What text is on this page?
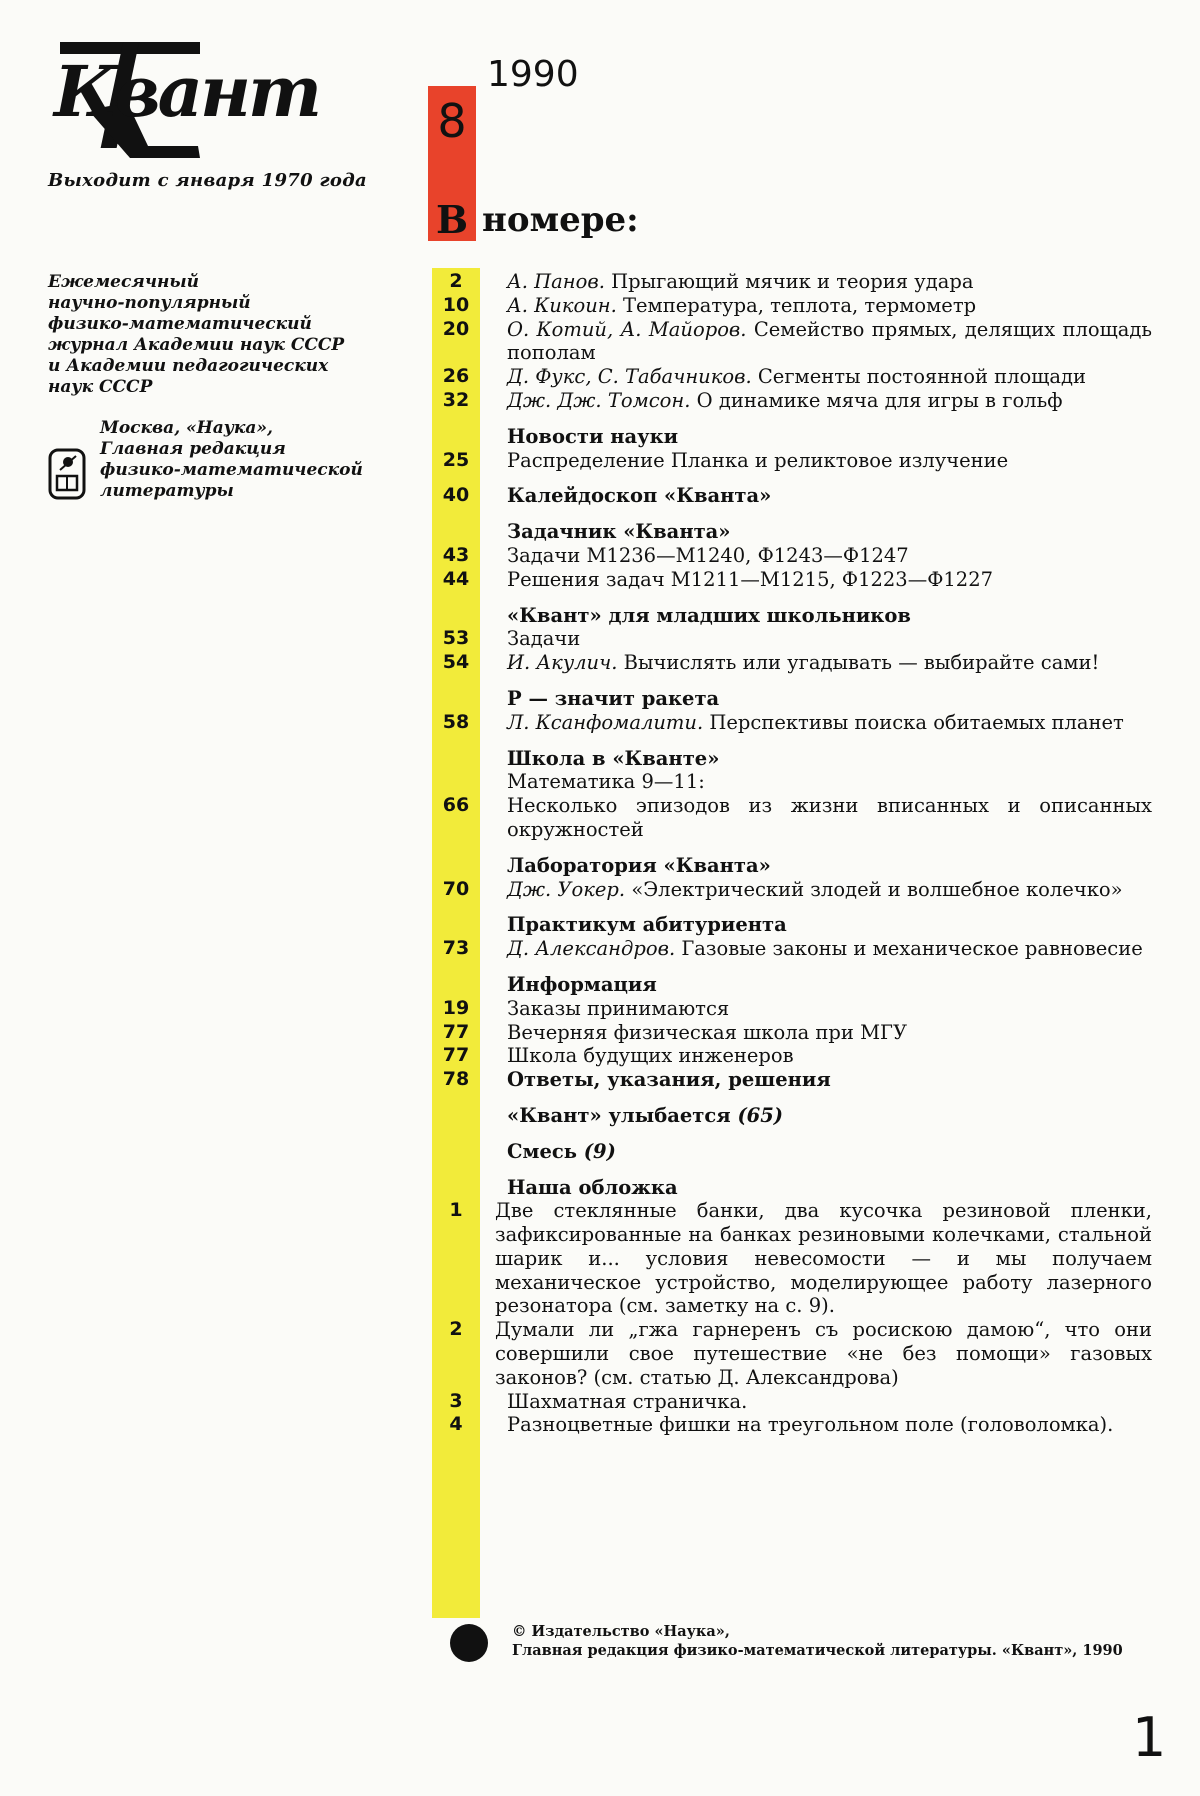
Квант
Выходит с января 1970 года
Ежемесячный
научно-популярный
физико-математический
журнал Академии наук СССР
и Академии педагогических
наук СССР
Москва, «Наука»,
Главная редакция
физико-математической
литературы
8
1990
В номере:
2	А. Панов. Прыгающий мячик и теория удара
10	А. Кикоин. Температура, теплота, термометр
20	О. Котий, А. Майоров. Семейство прямых, делящих площадь пополам
26	Д. Фукс, С. Табачников. Сегменты постоянной площади
32	Дж. Дж. Томсон. О динамике мяча для игры в гольф
Новости науки
25	Распределение Планка и реликтовое излучение
40	Калейдоскоп «Кванта»
Задачник «Кванта»
43	Задачи М1236—М1240, Ф1243—Ф1247
44	Решения задач М1211—М1215, Ф1223—Ф1227
«Квант» для младших школьников
53	Задачи
54	И. Акулич. Вычислять или угадывать — выбирайте сами!
Р — значит ракета
58	Л. Ксанфомалити. Перспективы поиска обитаемых планет
Школа в «Кванте»
Математика 9—11:
66	Несколько эпизодов из жизни вписанных и описанных окружностей
Лаборатория «Кванта»
70	Дж. Уокер. «Электрический злодей и волшебное колечко»
Практикум абитуриента
73	Д. Александров. Газовые законы и механическое равновесие
Информация
19	Заказы принимаются
77	Вечерняя физическая школа при МГУ
77	Школа будущих инженеров
78	Ответы, указания, решения
«Квант» улыбается (65)
Смесь (9)
Наша обложка
1	Две стеклянные банки, два кусочка резиновой пленки, зафиксированные на банках резиновыми колечками, стальной шарик и... условия невесомости — и мы получаем механическое устройство, моделирующее работу лазерного резонатора (см. заметку на с. 9).
2	Думали ли „гжа гарнеренъ съ росискою дамою“, что они совершили свое путешествие «не без помощи» газовых законов? (см. статью Д. Александрова)
3	Шахматная страничка.
4	Разноцветные фишки на треугольном поле (головоломка).
© Издательство «Наука»,
Главная редакция физико-математической литературы. «Квант», 1990
1
